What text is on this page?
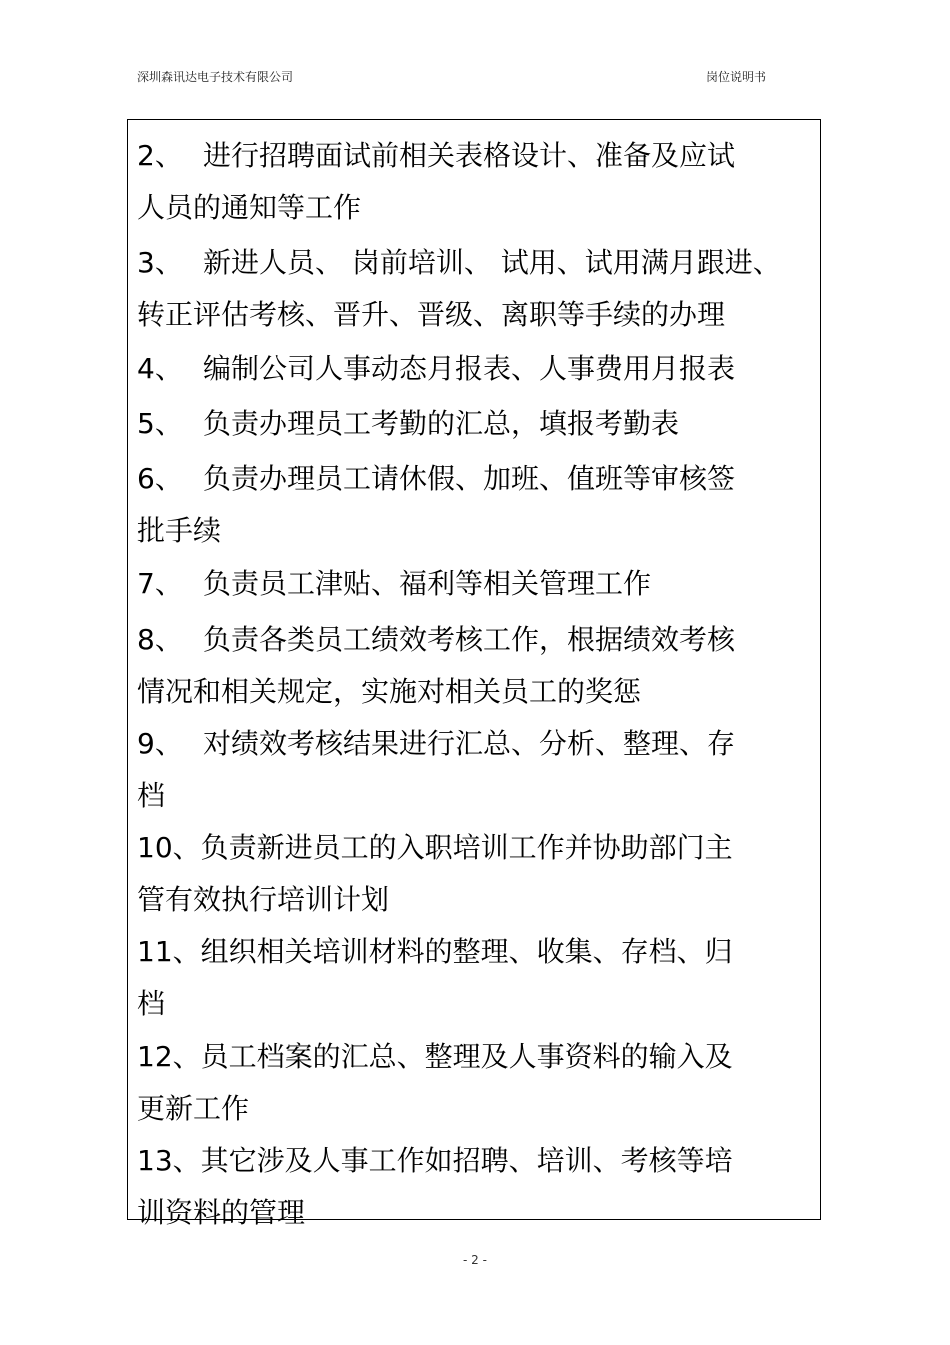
深圳森讯达电子技术有限公司	岗位说明书
2、 进行招聘面试前相关表格设计、准备及应试
人员的通知等工作
3、 新进人员、 岗前培训、 试用、试用满月跟进、
转正评估考核、晋升、晋级、离职等手续的办理
4、 编制公司人事动态月报表、人事费用月报表
5、 负责办理员工考勤的汇总，填报考勤表
6、 负责办理员工请休假、加班、值班等审核签
批手续
7、 负责员工津贴、福利等相关管理工作
8、 负责各类员工绩效考核工作，根据绩效考核
情况和相关规定，实施对相关员工的奖惩
9、 对绩效考核结果进行汇总、分析、整理、存
档
10、负责新进员工的入职培训工作并协助部门主
管有效执行培训计划
11、组织相关培训材料的整理、收集、存档、归
档
12、员工档案的汇总、整理及人事资料的输入及
更新工作
13、其它涉及人事工作如招聘、培训、考核等培
训资料的管理
- 2 -
